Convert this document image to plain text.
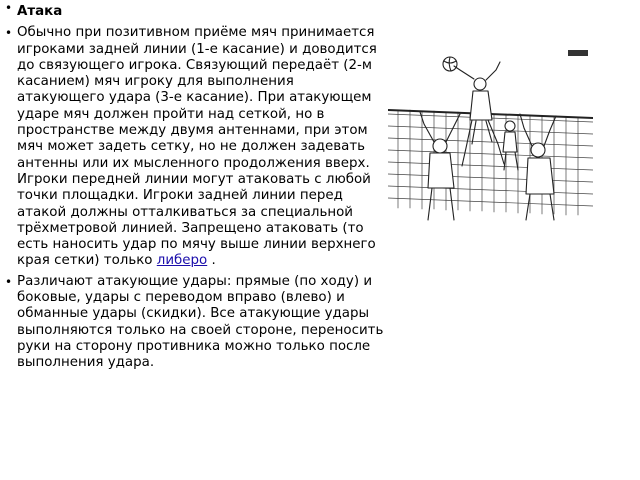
• Атака
• Обычно при позитивном приёме мяч принимается игроками задней линии (1-е касание) и доводится до связующего игрока. Связующий передаёт (2-м касанием) мяч игроку для выполнения атакующего удара (3-е касание). При атакующем ударе мяч должен пройти над сеткой, но в пространстве между двумя антеннами, при этом мяч может задеть сетку, но не должен задевать антенны или их мысленного продолжения вверх. Игроки передней линии могут атаковать с любой точки площадки. Игроки задней линии перед атакой должны отталкиваться за специальной трёхметровой линией. Запрещено атаковать (то есть наносить удар по мячу выше линии верхнего края сетки) только либеро .
• Различают атакующие удары: прямые (по ходу) и боковые, удары с переводом вправо (влево) и обманные удары (скидки). Все атакующие удары выполняются только на своей стороне, переносить руки на сторону противника можно только после выполнения удара.
